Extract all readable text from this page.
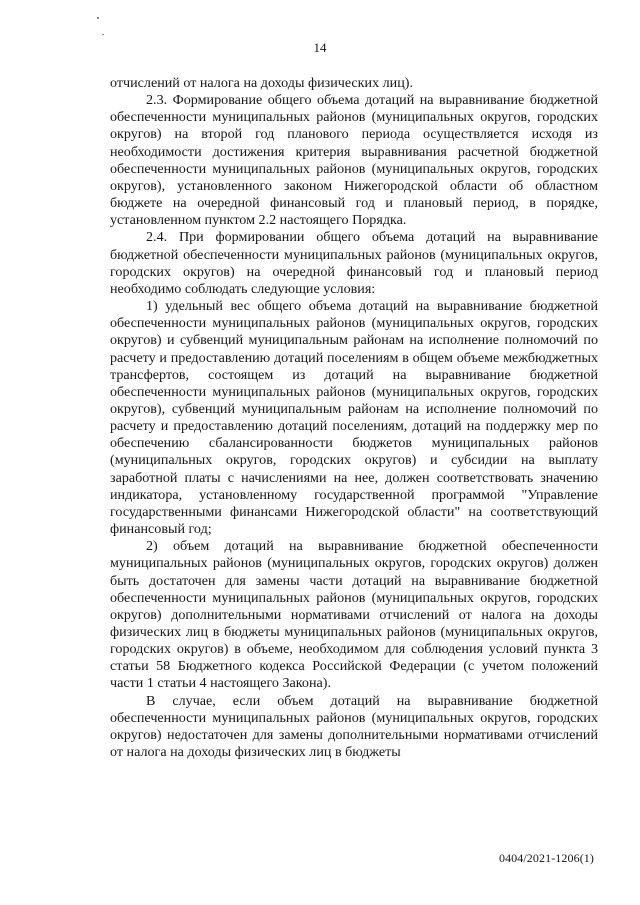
14

отчислений от налога на доходы физических лиц).

2.3. Формирование общего объема дотаций на выравнивание бюджетной обеспеченности муниципальных районов (муниципальных округов, городских округов) на второй год планового периода осуществляется исходя из необходимости достижения критерия выравнивания расчетной бюджетной обеспеченности муниципальных районов (муниципальных округов, городских округов), установленного законом Нижегородской области об областном бюджете на очередной финансовый год и плановый период, в порядке, установленном пунктом 2.2 настоящего Порядка.

2.4. При формировании общего объема дотаций на выравнивание бюджетной обеспеченности муниципальных районов (муниципальных округов, городских округов) на очередной финансовый год и плановый период необходимо соблюдать следующие условия:

1) удельный вес общего объема дотаций на выравнивание бюджетной обеспеченности муниципальных районов (муниципальных округов, городских округов) и субвенций муниципальным районам на исполнение полномочий по расчету и предоставлению дотаций поселениям в общем объеме межбюджетных трансфертов, состоящем из дотаций на выравнивание бюджетной обеспеченности муниципальных районов (муниципальных округов, городских округов), субвенций муниципальным районам на исполнение полномочий по расчету и предоставлению дотаций поселениям, дотаций на поддержку мер по обеспечению сбалансированности бюджетов муниципальных районов (муниципальных округов, городских округов) и субсидии на выплату заработной платы с начислениями на нее, должен соответствовать значению индикатора, установленному государственной программой "Управление государственными финансами Нижегородской области" на соответствующий финансовый год;

2) объем дотаций на выравнивание бюджетной обеспеченности муниципальных районов (муниципальных округов, городских округов) должен быть достаточен для замены части дотаций на выравнивание бюджетной обеспеченности муниципальных районов (муниципальных округов, городских округов) дополнительными нормативами отчислений от налога на доходы физических лиц в бюджеты муниципальных районов (муниципальных округов, городских округов) в объеме, необходимом для соблюдения условий пункта 3 статьи 58 Бюджетного кодекса Российской Федерации (с учетом положений части 1 статьи 4 настоящего Закона).

В случае, если объем дотаций на выравнивание бюджетной обеспеченности муниципальных районов (муниципальных округов, городских округов) недостаточен для замены дополнительными нормативами отчислений от налога на доходы физических лиц в бюджеты

0404/2021-1206(1)
